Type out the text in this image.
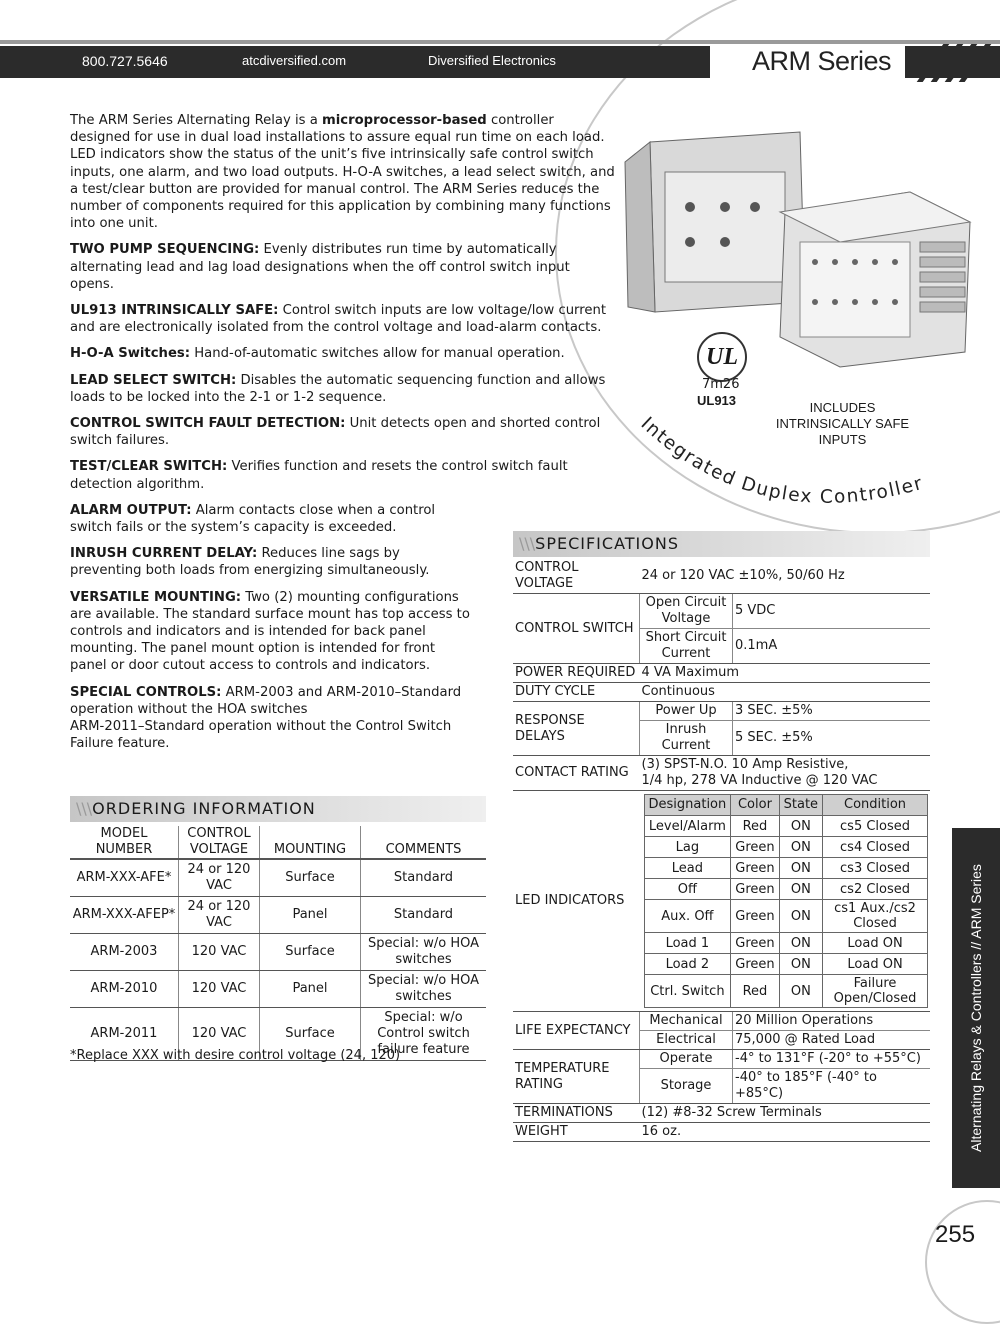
800.727.5646	atcdiversified.com	Diversified Electronics	ARM Series

The ARM Series Alternating Relay is a microprocessor-based controller designed for use in dual load installations to assure equal run time on each load. LED indicators show the status of the unit’s five intrinsically safe control switch inputs, one alarm, and two load outputs. H-O-A switches, a lead select switch, and a test/clear button are provided for manual control. The ARM Series reduces the number of components required for this application by combining many functions into one unit.

TWO PUMP SEQUENCING: Evenly distributes run time by automatically alternating lead and lag load designations when the off control switch input opens.

UL913 INTRINSICALLY SAFE: Control switch inputs are low voltage/low current and are electronically isolated from the control voltage and load-alarm contacts.

H-O-A Switches: Hand-of-automatic switches allow for manual operation.

LEAD SELECT SWITCH: Disables the automatic sequencing function and allows loads to be locked into the 2-1 or 1-2 sequence.

CONTROL SWITCH FAULT DETECTION: Unit detects open and shorted control switch failures.

TEST/CLEAR SWITCH: Verifies function and resets the control switch fault detection algorithm.

ALARM OUTPUT: Alarm contacts close when a control switch fails or the system’s capacity is exceeded.

INRUSH CURRENT DELAY: Reduces line sags by preventing both loads from energizing simultaneously.

VERSATILE MOUNTING: Two (2) mounting configurations are available. The standard surface mount has top access to controls and indicators and is intended for back panel mounting. The panel mount option is intended for front panel or door cutout access to controls and indicators.

SPECIAL CONTROLS: ARM-2003 and ARM-2010–Standard operation without the HOA switches
ARM-2011–Standard operation without the Control Switch Failure feature.

UL
7m26
UL913	INCLUDES INTRINSICALLY SAFE INPUTS
Integrated Duplex Controller
\\\SPECIFICATIONS
CONTROL VOLTAGE	24 or 120 VAC ±10%, 50/60 Hz
CONTROL SWITCH	Open Circuit Voltage	5 VDC
Short Circuit Current	0.1mA
POWER REQUIRED	4 VA Maximum
DUTY CYCLE	Continuous
RESPONSE DELAYS	Power Up	3 SEC. ±5%
Inrush Current	5 SEC. ±5%
CONTACT RATING	(3) SPST-N.O. 10 Amp Resistive,
1/4 hp, 278 VA Inductive @ 120 VAC
LED INDICATORS	
Designation	Color	State	Condition
Level/Alarm	Red	ON	cs5 Closed
Lag	Green	ON	cs4 Closed
Lead	Green	ON	cs3 Closed
Off	Green	ON	cs2 Closed
Aux. Off	Green	ON	cs1 Aux./cs2 Closed
Load 1	Green	ON	Load ON
Load 2	Green	ON	Load ON
Ctrl. Switch	Red	ON	Failure Open/Closed

LIFE EXPECTANCY	Mechanical	20 Million Operations
Electrical	75,000 @ Rated Load
TEMPERATURE RATING	Operate	-4° to 131°F (-20° to +55°C)
Storage	-40° to 185°F (-40° to +85°C)
TERMINATIONS	(12) #8-32 Screw Terminals
WEIGHT	16 oz.
\\\ORDERING INFORMATION
MODEL NUMBER	CONTROL VOLTAGE	MOUNTING	COMMENTS
ARM-XXX-AFE*	24 or 120 VAC	Surface	Standard
ARM-XXX-AFEP*	24 or 120 VAC	Panel	Standard
ARM-2003	120 VAC	Surface	Special: w/o HOA switches
ARM-2010	120 VAC	Panel	Special: w/o HOA switches
ARM-2011	120 VAC	Surface	Special: w/o Control switch failure feature
*Replace XXX with desire control voltage (24, 120)	Alternating Relays & Controllers // ARM Series
255
